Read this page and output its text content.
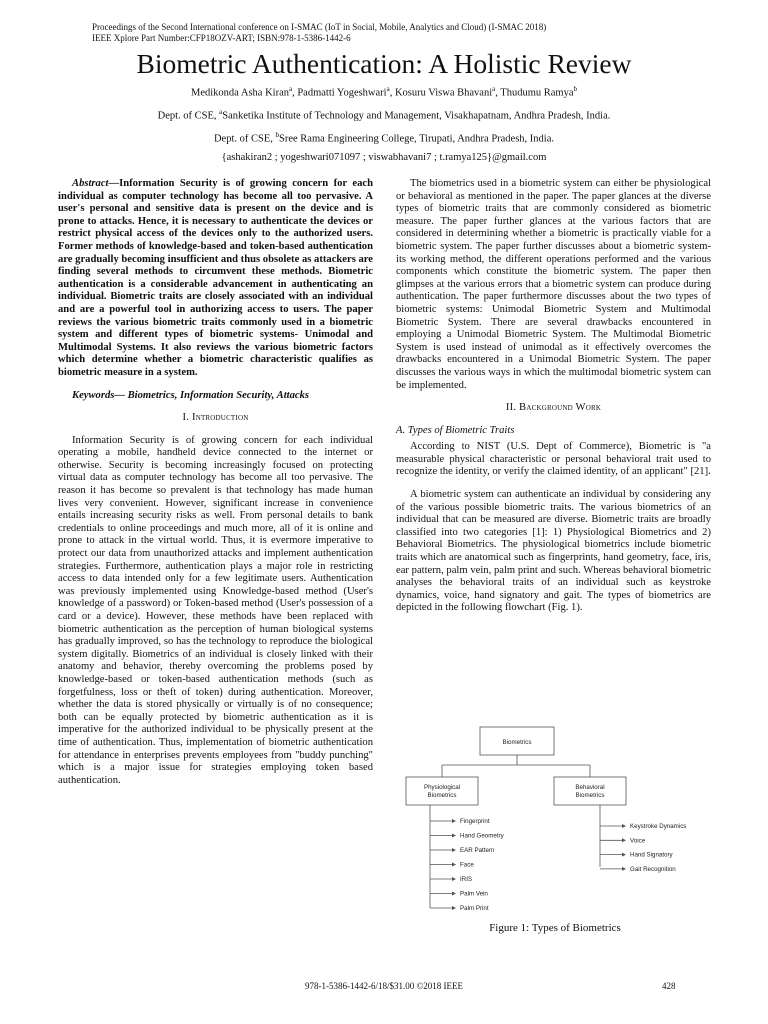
Proceedings of the Second International conference on I-SMAC (IoT in Social, Mobile, Analytics and Cloud) (I-SMAC 2018)
IEEE Xplore Part Number:CFP18OZV-ART; ISBN:978-1-5386-1442-6
Biometric Authentication: A Holistic Review
Medikonda Asha Kiran$^a$, Padmatti Yogeshwari$^a$, Kosuru Viswa Bhavani$^a$, Thudumu Ramya$^b$
Dept. of CSE, $^a$Sanketika Institute of Technology and Management, Visakhapatnam, Andhra Pradesh, India.
Dept. of CSE, $^b$Sree Rama Engineering College, Tirupati, Andhra Pradesh, India.
{ashakiran2 ; yogeshwari071097 ; viswabhavani7 ; t.ramya125}@gmail.com

Abstract—Information Security is of growing concern for each individual as computer technology has become all too pervasive. A user's personal and sensitive data is present on the device and is prone to attacks. Hence, it is necessary to authenticate the devices or restrict physical access of the devices only to the authorized users. Former methods of knowledge-based and token-based authentication are gradually becoming insufficient and thus obsolete as attackers are finding several methods to circumvent these methods. Biometric authentication is a considerable advancement in authenticating an individual. Biometric traits are closely associated with an individual and are a powerful tool in authorizing access to users. The paper reviews the various biometric traits commonly used in a biometric system and different types of biometric systems- Unimodal and Multimodal Systems. It also reviews the various biometric factors which determine whether a biometric characteristic qualifies as biometric measure in a system.

Keywords— Biometrics, Information Security, Attacks
I. Introduction

Information Security is of growing concern for each individual operating a mobile, handheld device connected to the internet or otherwise. Security is becoming increasingly focused on protecting virtual data as computer technology has become all too pervasive. The reason it has become so prevalent is that technology has made human lives very convenient. However, significant increase in convenience entails increasing security risks as well. From personal details to bank credentials to online proceedings and much more, all of it is online and prone to attack in the virtual world. Thus, it is evermore imperative to protect our data from unauthorized attacks and implement authentication strategies. Furthermore, authentication plays a major role in restricting access to data intended only for a few legitimate users. Authentication was previously implemented using Knowledge-based method (User's knowledge of a password) or Token-based method (User's possession of a card or a device). However, these methods have been replaced with biometric authentication as the perception of human biological systems has gradually improved, so has the technology to reproduce the biological system digitally. Biometrics of an individual is closely linked with their anatomy and behavior, thereby overcoming the problems posed by knowledge-based or token-based authentication methods (such as forgetfulness, loss or theft of token) during authentication. Moreover, whether the data is stored physically or virtually is of no consequence; both can be equally protected by biometric authentication as it is imperative for the authorized individual to be physically present at the time of authentication. Thus, implementation of biometric authentication for attendance in enterprises prevents employees from "buddy punching" which is a major issue for strategies employing token based authentication.

The biometrics used in a biometric system can either be physiological or behavioral as mentioned in the paper. The paper glances at the diverse types of biometric traits that are commonly considered as biometric measure. The paper further glances at the various factors that are considered in determining whether a biometric is practically viable for a biometric system. The paper further discusses about a biometric system- its working method, the different operations performed and the various components which constitute the biometric system. The paper then glimpses at the various errors that a biometric system can produce during authentication. The paper furthermore discusses about the two types of biometric systems: Unimodal Biometric System and Multimodal Biometric System. There are several drawbacks encountered in employing a Unimodal Biometric System. The Multimodal Biometric System is used instead of unimodal as it effectively overcomes the drawbacks encountered in a Unimodal Biometric System. The paper discusses the various ways in which the multimodal biometric system can be implemented.

II. Background Work
A. Types of Biometric Traits

According to NIST (U.S. Dept of Commerce), Biometric is "a measurable physical characteristic or personal behavioral trait used to recognize the identity, or verify the claimed identity, of an applicant" [21].

A biometric system can authenticate an individual by considering any of the various possible biometric traits. The various biometrics of an individual that can be measured are diverse. Biometric traits are broadly classified into two categories [1]: 1) Physiological Biometrics and 2) Behavioral Biometrics. The physiological biometrics include biometric traits which are anatomical such as fingerprints, hand geometry, face, iris, ear pattern, palm vein, palm print and such. Whereas behavioral biometric analyses the behavioral traits of an individual such as keystroke dynamics, voice, hand signatory and gait. The types of biometrics are depicted in the following flowchart (Fig. 1).

Biometrics
Physiological
Biometrics
Behavioral
Biometrics
Fingerprint
Hand Geometry
EAR Pattern
Face
IRIS
Palm Vein
Palm Print
Keystroke Dynamics
Voice
Hand Signatory
Gait Recognition
Figure 1: Types of Biometrics
978-1-5386-1442-6/18/$31.00 ©2018 IEEE	428
